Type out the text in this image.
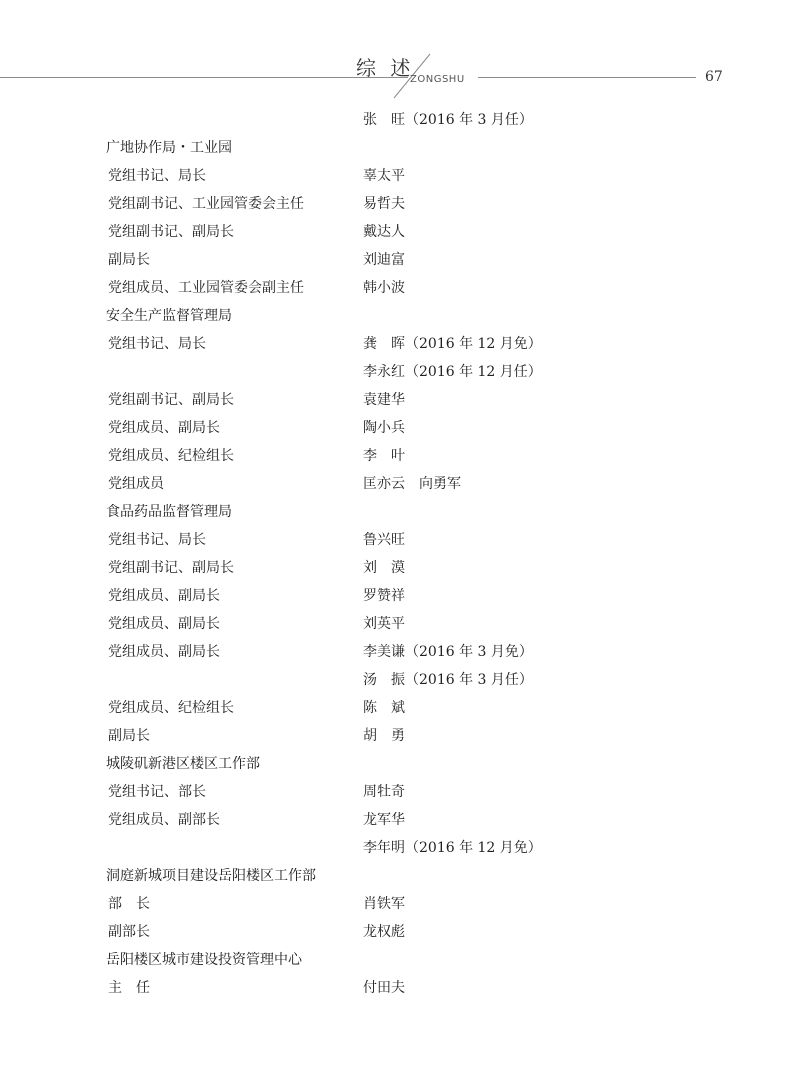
综 述
ZONGSHU	67
张　旺（2016 年 3 月任）
广地协作局・工业园
党组书记、局长	辜太平
党组副书记、工业园管委会主任	易哲夫
党组副书记、副局长	戴达人
副局长	刘迪富
党组成员、工业园管委会副主任	韩小波
安全生产监督管理局
党组书记、局长	龚　晖（2016 年 12 月免）
李永红（2016 年 12 月任）
党组副书记、副局长	袁建华
党组成员、副局长	陶小兵
党组成员、纪检组长	李　叶
党组成员	匡亦云　向勇军
食品药品监督管理局
党组书记、局长	鲁兴旺
党组副书记、副局长	刘　漠
党组成员、副局长	罗赞祥
党组成员、副局长	刘英平
党组成员、副局长	李美谦（2016 年 3 月免）
汤　振（2016 年 3 月任）
党组成员、纪检组长	陈　斌
副局长	胡　勇
城陵矶新港区楼区工作部
党组书记、部长	周牡奇
党组成员、副部长	龙军华
李年明（2016 年 12 月免）
洞庭新城项目建设岳阳楼区工作部
部　长	肖铁军
副部长	龙权彪
岳阳楼区城市建设投资管理中心
主　任	付田夫
